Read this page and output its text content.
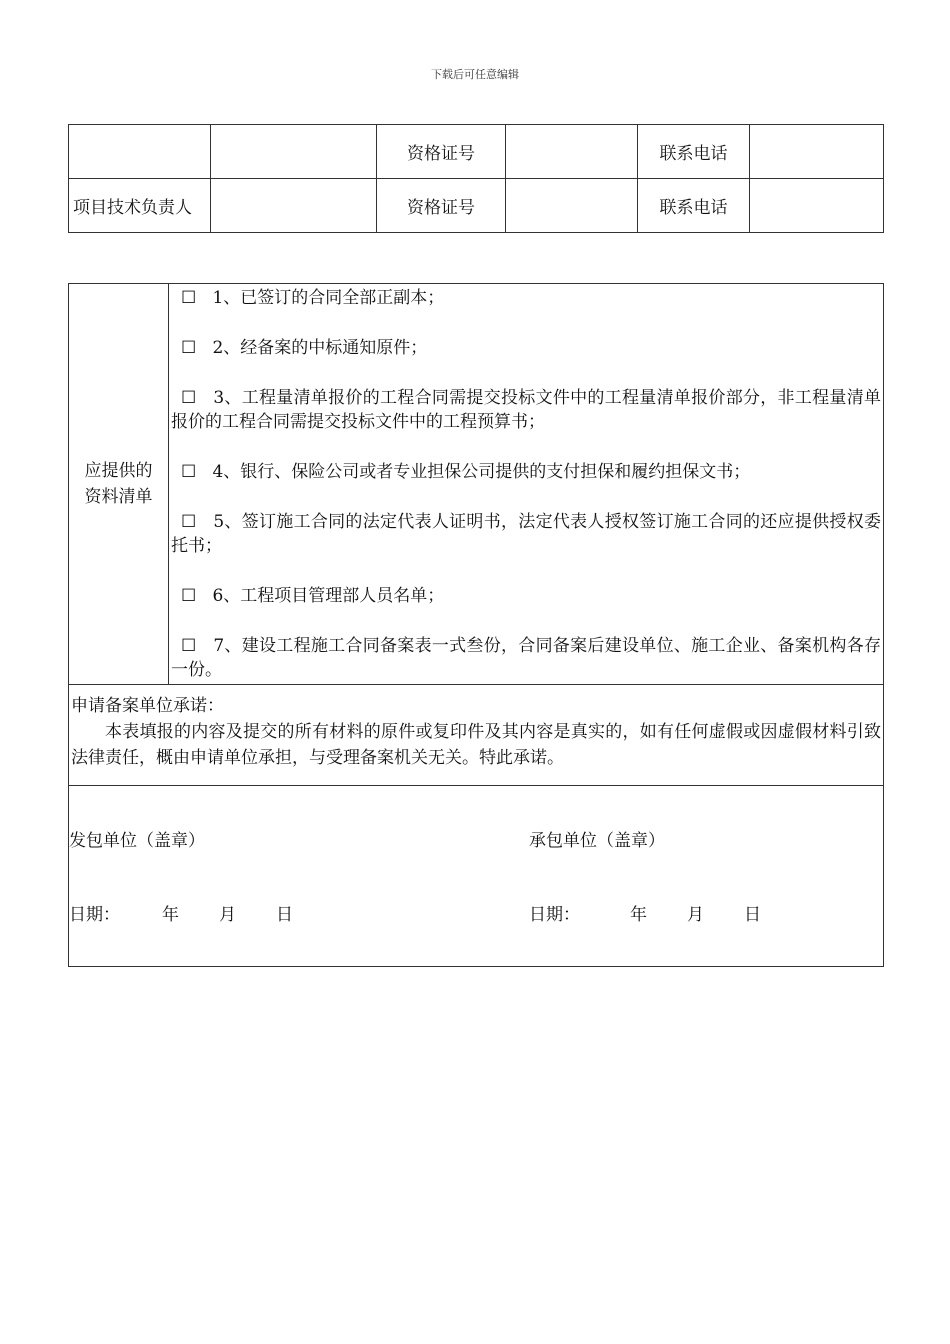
下载后可任意编辑
		资格证号		联系电话	
项目技术负责人		资格证号		联系电话	
应提供的
资料清单

☐ 1、已签订的合同全部正副本；
☐ 2、经备案的中标通知原件；
☐ 3、工程量清单报价的工程合同需提交投标文件中的工程量清单报价部分，非工程量清单报价的工程合同需提交投标文件中的工程预算书；
☐ 4、银行、保险公司或者专业担保公司提供的支付担保和履约担保文书；
☐ 5、签订施工合同的法定代表人证明书，法定代表人授权签订施工合同的还应提供授权委托书；
☐ 6、工程项目管理部人员名单；
☐ 7、建设工程施工合同备案表一式叁份，合同备案后建设单位、施工企业、备案机构各存一份。

申请备案单位承诺：
本表填报的内容及提交的所有材料的原件或复印件及其内容是真实的，如有任何虚假或因虚假材料引致法律责任，概由申请单位承担，与受理备案机关无关。特此承诺。

发包单位（盖章）	承包单位（盖章）
日期： 年 月 日	日期：	年 月 日
